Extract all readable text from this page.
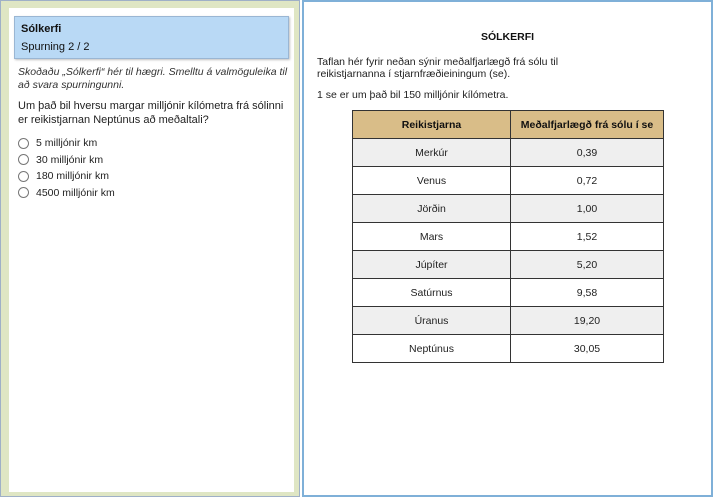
Sólkerfi
Spurning 2 / 2
Skoðaðu „Sólkerfi“ hér til hægri. Smelltu á valmöguleika til að svara spurningunni.
Um það bil hversu margar milljónir kílómetra frá sólinni er reikistjarnan Neptúnus að meðaltali?
5 milljónir km
30 milljónir km
180 milljónir km
4500 milljónir km
SÓLKERFI
Taflan hér fyrir neðan sýnir meðalfjarlægð frá sólu til reikistjarnanna í stjarnfræðieiningum (se).
1 se er um það bil 150 milljónir kílómetra.
Reikistjarna	Meðalfjarlægð frá sólu í se
Merkúr	0,39
Venus	0,72
Jörðin	1,00
Mars	1,52
Júpíter	5,20
Satúrnus	9,58
Úranus	19,20
Neptúnus	30,05
